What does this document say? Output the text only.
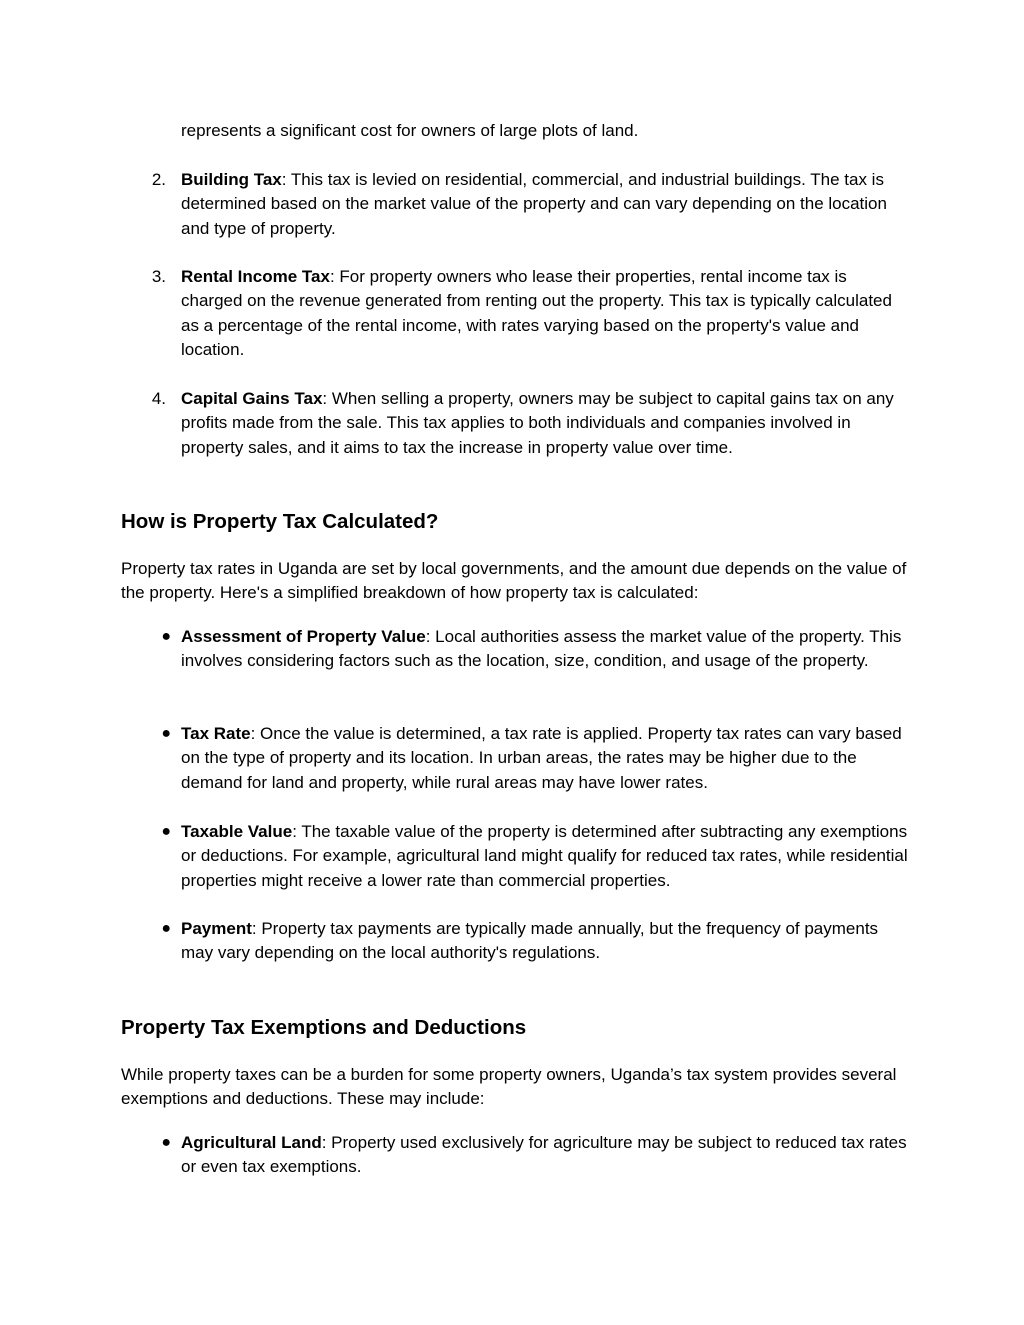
represents a significant cost for owners of large plots of land.

2. Building Tax: This tax is levied on residential, commercial, and industrial buildings. The tax is determined based on the market value of the property and can vary depending on the location and type of property.

3. Rental Income Tax: For property owners who lease their properties, rental income tax is charged on the revenue generated from renting out the property. This tax is typically calculated as a percentage of the rental income, with rates varying based on the property's value and location.

4. Capital Gains Tax: When selling a property, owners may be subject to capital gains tax on any profits made from the sale. This tax applies to both individuals and companies involved in property sales, and it aims to tax the increase in property value over time.

How is Property Tax Calculated?

Property tax rates in Uganda are set by local governments, and the amount due depends on the value of the property. Here's a simplified breakdown of how property tax is calculated:

● Assessment of Property Value: Local authorities assess the market value of the property. This involves considering factors such as the location, size, condition, and usage of the property.

● Tax Rate: Once the value is determined, a tax rate is applied. Property tax rates can vary based on the type of property and its location. In urban areas, the rates may be higher due to the demand for land and property, while rural areas may have lower rates.

● Taxable Value: The taxable value of the property is determined after subtracting any exemptions or deductions. For example, agricultural land might qualify for reduced tax rates, while residential properties might receive a lower rate than commercial properties.

● Payment: Property tax payments are typically made annually, but the frequency of payments may vary depending on the local authority's regulations.

Property Tax Exemptions and Deductions

While property taxes can be a burden for some property owners, Uganda’s tax system provides several exemptions and deductions. These may include:

● Agricultural Land: Property used exclusively for agriculture may be subject to reduced tax rates or even tax exemptions.
